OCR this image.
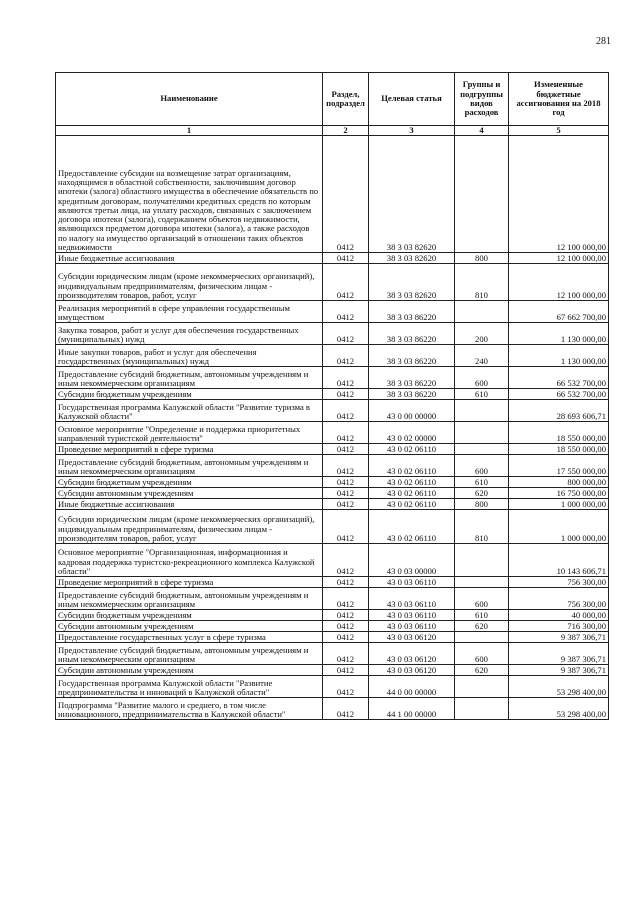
281
Наименование	Раздел, подраздел	Целевая статья	Группы и подгруппы видов расходов	Измененные бюджетные ассигнования на 2018 год
1	2	3	4	5
Предоставление субсидии на возмещение затрат организациям, находящимся в областной собственности, заключившим договор ипотеки (залога) областного имущества в обеспечение обязательств по кредитным договорам, получателями кредитных средств по которым являются третьи лица, на уплату расходов, связанных с заключением договора ипотеки (залога), содержанием объектов недвижимости, являющихся предметом договора ипотеки (залога), а также расходов по налогу на имущество организаций в отношении таких объектов недвижимости	0412	38 3 03 82620		12 100 000,00
Иные бюджетные ассигнования	0412	38 3 03 82620	800	12 100 000,00
Субсидии юридическим лицам (кроме некоммерческих организаций), индивидуальным предпринимателям, физическим лицам - производителям товаров, работ, услуг	0412	38 3 03 82620	810	12 100 000,00
Реализация мероприятий в сфере управления государственным имуществом	0412	38 3 03 86220		67 662 700,00
Закупка товаров, работ и услуг для обеспечения государственных (муниципальных) нужд	0412	38 3 03 86220	200	1 130 000,00
Иные закупки товаров, работ и услуг для обеспечения государственных (муниципальных) нужд	0412	38 3 03 86220	240	1 130 000,00
Предоставление субсидий бюджетным, автономным учреждениям и иным некоммерческим организациям	0412	38 3 03 86220	600	66 532 700,00
Субсидии бюджетным учреждениям	0412	38 3 03 86220	610	66 532 700,00
Государственная программа Калужской области "Развитие туризма в Калужской области"	0412	43 0 00 00000		28 693 606,71
Основное мероприятие "Определение и поддержка приоритетных направлений туристской деятельности"	0412	43 0 02 00000		18 550 000,00
Проведение мероприятий в сфере туризма	0412	43 0 02 06110		18 550 000,00
Предоставление субсидий бюджетным, автономным учреждениям и иным некоммерческим организациям	0412	43 0 02 06110	600	17 550 000,00
Субсидии бюджетным учреждениям	0412	43 0 02 06110	610	800 000,00
Субсидии автономным учреждениям	0412	43 0 02 06110	620	16 750 000,00
Иные бюджетные ассигнования	0412	43 0 02 06110	800	1 000 000,00
Субсидии юридическим лицам (кроме некоммерческих организаций), индивидуальным предпринимателям, физическим лицам - производителям товаров, работ, услуг	0412	43 0 02 06110	810	1 000 000,00
Основное мероприятие "Организационная, информационная и кадровая поддержка туристско-рекреационного комплекса Калужской области"	0412	43 0 03 00000		10 143 606,71
Проведение мероприятий в сфере туризма	0412	43 0 03 06110		756 300,00
Предоставление субсидий бюджетным, автономным учреждениям и иным некоммерческим организациям	0412	43 0 03 06110	600	756 300,00
Субсидии бюджетным учреждениям	0412	43 0 03 06110	610	40 000,00
Субсидии автономным учреждениям	0412	43 0 03 06110	620	716 300,00
Предоставление государственных услуг в сфере туризма	0412	43 0 03 06120		9 387 306,71
Предоставление субсидий бюджетным, автономным учреждениям и иным некоммерческим организациям	0412	43 0 03 06120	600	9 387 306,71
Субсидии автономным учреждениям	0412	43 0 03 06120	620	9 387 306,71
Государственная программа Калужской области "Развитие предпринимательства и инноваций в Калужской области"	0412	44 0 00 00000		53 298 400,00
Подпрограмма "Развитие малого и среднего, в том числе инновационного, предпринимательства в Калужской области"	0412	44 1 00 00000		53 298 400,00
